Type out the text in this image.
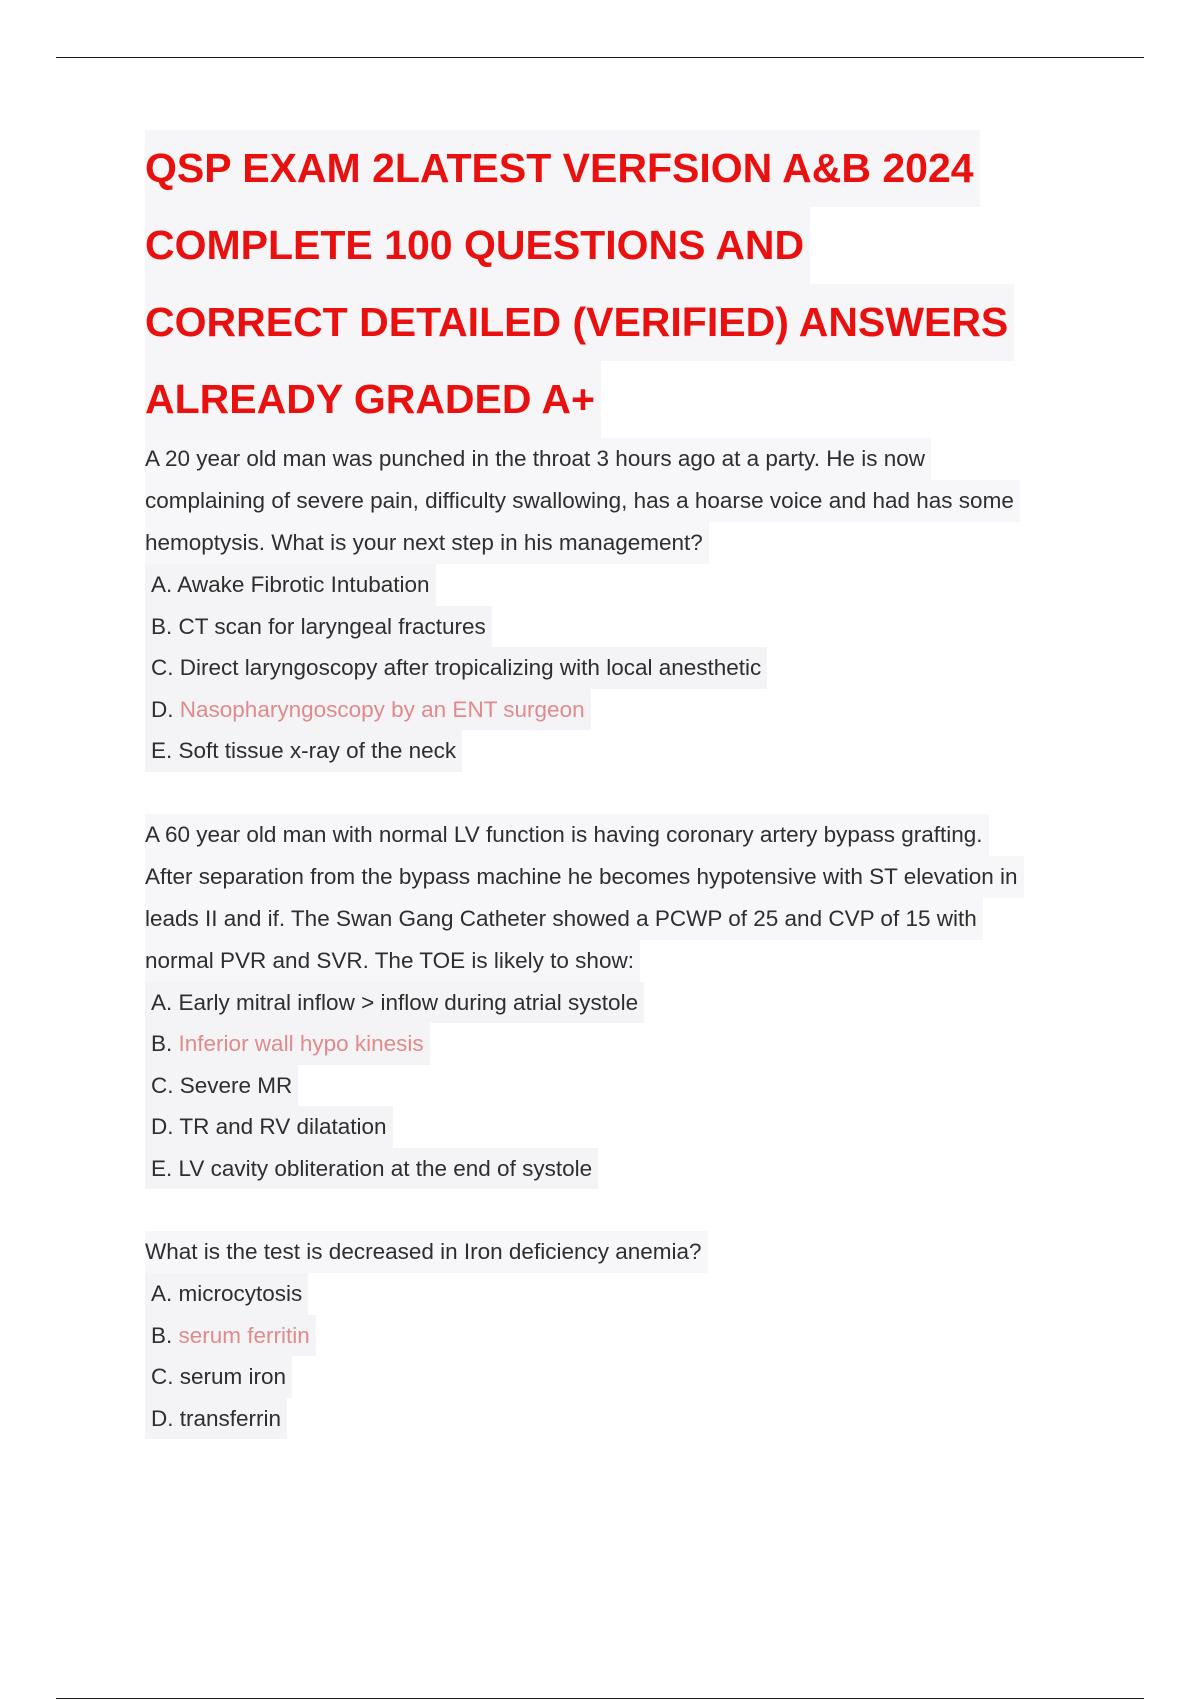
QSP EXAM 2LATEST VERFSION A&B 2024
COMPLETE 100 QUESTIONS AND
CORRECT DETAILED (VERIFIED) ANSWERS
ALREADY GRADED A+
A 20 year old man was punched in the throat 3 hours ago at a party. He is now
complaining of severe pain, difficulty swallowing, has a hoarse voice and had has some
hemoptysis. What is your next step in his management?
A. Awake Fibrotic Intubation
B. CT scan for laryngeal fractures
C. Direct laryngoscopy after tropicalizing with local anesthetic
D. Nasopharyngoscopy by an ENT surgeon
E. Soft tissue x-ray of the neck
A 60 year old man with normal LV function is having coronary artery bypass grafting.
After separation from the bypass machine he becomes hypotensive with ST elevation in
leads II and if. The Swan Gang Catheter showed a PCWP of 25 and CVP of 15 with
normal PVR and SVR. The TOE is likely to show:
A. Early mitral inflow > inflow during atrial systole
B. Inferior wall hypo kinesis
C. Severe MR
D. TR and RV dilatation
E. LV cavity obliteration at the end of systole
What is the test is decreased in Iron deficiency anemia?
A. microcytosis
B. serum ferritin
C. serum iron
D. transferrin
